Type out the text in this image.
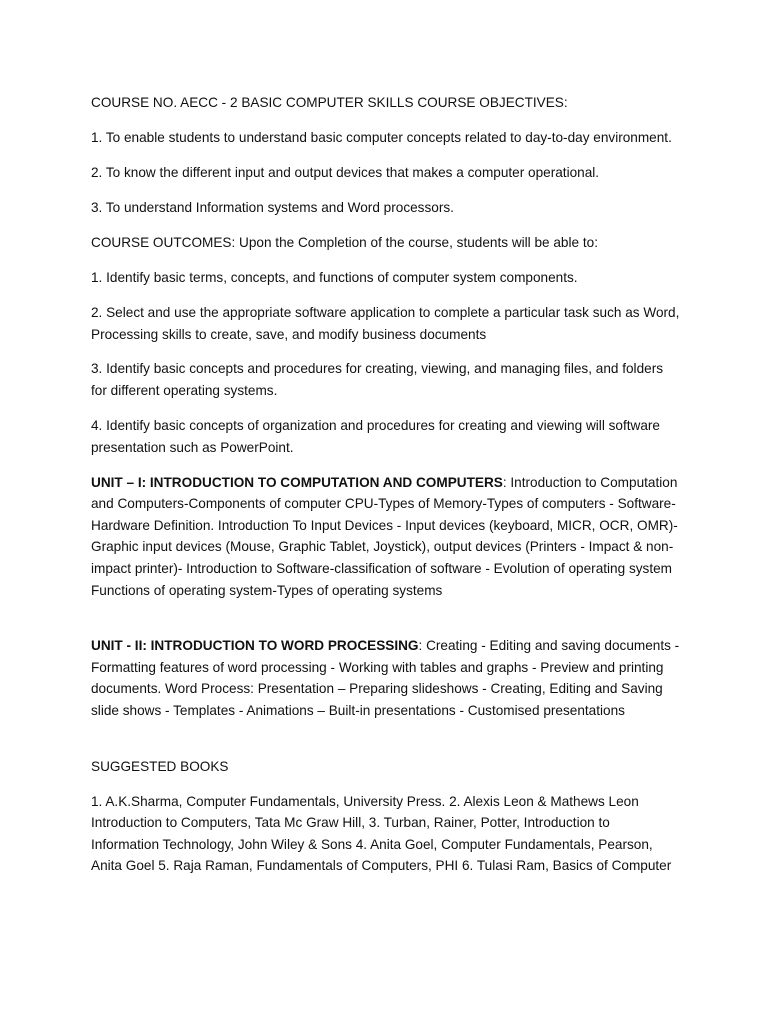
COURSE NO. AECC - 2 BASIC COMPUTER SKILLS COURSE OBJECTIVES:

1. To enable students to understand basic computer concepts related to day-to-day environment.

2. To know the different input and output devices that makes a computer operational.

3. To understand Information systems and Word processors.

COURSE OUTCOMES: Upon the Completion of the course, students will be able to:

1. Identify basic terms, concepts, and functions of computer system components.

2. Select and use the appropriate software application to complete a particular task such as Word, Processing skills to create, save, and modify business documents

3. Identify basic concepts and procedures for creating, viewing, and managing files, and folders for different operating systems.

4. Identify basic concepts of organization and procedures for creating and viewing will software presentation such as PowerPoint.

UNIT – I: INTRODUCTION TO COMPUTATION AND COMPUTERS: Introduction to Computation and Computers-Components of computer CPU-Types of Memory-Types of computers - Software- Hardware Definition. Introduction To Input Devices - Input devices (keyboard, MICR, OCR, OMR)- Graphic input devices (Mouse, Graphic Tablet, Joystick), output devices (Printers - Impact & non-impact printer)- Introduction to Software-classification of software - Evolution of operating system Functions of operating system-Types of operating systems

UNIT - II: INTRODUCTION TO WORD PROCESSING: Creating - Editing and saving documents - Formatting features of word processing - Working with tables and graphs - Preview and printing documents. Word Process: Presentation – Preparing slideshows - Creating, Editing and Saving slide shows - Templates - Animations – Built-in presentations - Customised presentations

SUGGESTED BOOKS

1. A.K.Sharma, Computer Fundamentals, University Press. 2. Alexis Leon & Mathews Leon Introduction to Computers, Tata Mc Graw Hill, 3. Turban, Rainer, Potter, Introduction to Information Technology, John Wiley & Sons 4. Anita Goel, Computer Fundamentals, Pearson, Anita Goel 5. Raja Raman, Fundamentals of Computers, PHI 6. Tulasi Ram, Basics of Computer
